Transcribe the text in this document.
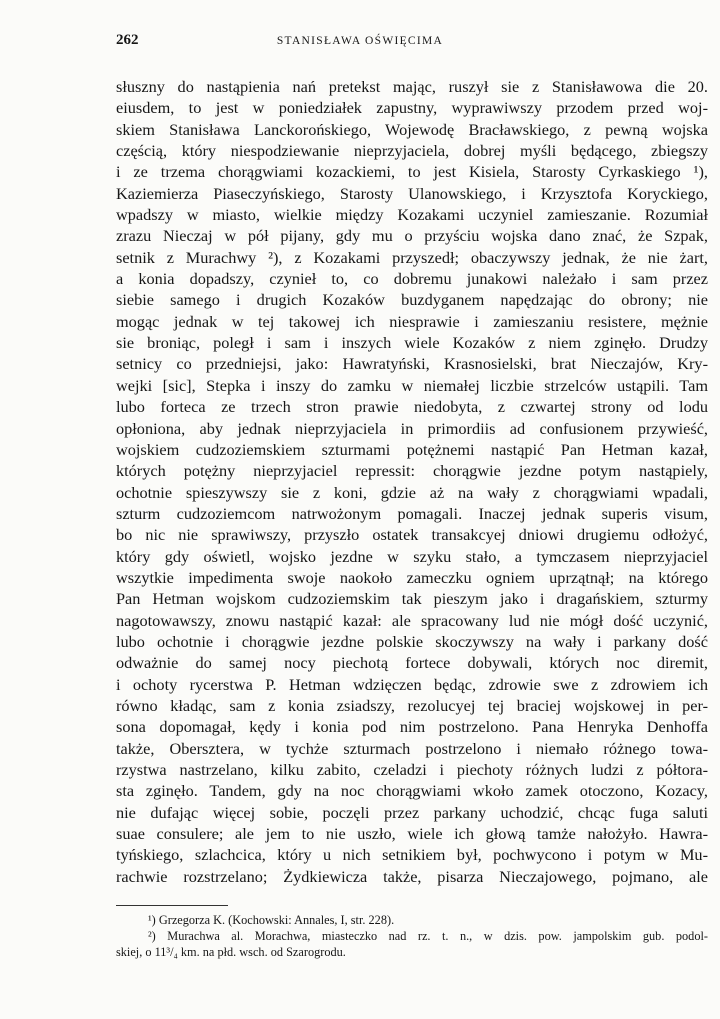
262	STANISŁAWA OŚWIĘCIMA
słuszny do nastąpienia nań pretekst mając, ruszył sie z Stanisławowa die 20.
eiusdem, to jest w poniedziałek zapustny, wyprawiwszy przodem przed woj-
skiem Stanisława Lanckorońskiego, Wojewodę Bracławskiego, z pewną wojska
częścią, który niespodziewanie nieprzyjaciela, dobrej myśli będącego, zbiegszy
i ze trzema chorągwiami kozackiemi, to jest Kisiela, Starosty Cyrkaskiego ¹),
Kaziemierza Piaseczyńskiego, Starosty Ulanowskiego, i Krzysztofa Koryckiego,
wpadszy w miasto, wielkie między Kozakami uczyniel zamieszanie. Rozumiał
zrazu Nieczaj w pół pijany, gdy mu o przyściu wojska dano znać, że Szpak,
setnik z Murachwy ²), z Kozakami przyszedł; obaczywszy jednak, że nie żart,
a konia dopadszy, czynieł to, co dobremu junakowi należało i sam przez
siebie samego i drugich Kozaków buzdyganem napędzając do obrony; nie
mogąc jednak w tej takowej ich niesprawie i zamieszaniu resistere, mężnie
sie broniąc, poległ i sam i inszych wiele Kozaków z niem zginęło. Drudzy
setnicy co przedniejsi, jako: Hawratyński, Krasnosielski, brat Nieczajów, Kry-
wejki [sic], Stepka i inszy do zamku w niemałej liczbie strzelców ustąpili. Tam
lubo forteca ze trzech stron prawie niedobyta, z czwartej strony od lodu
opłoniona, aby jednak nieprzyjaciela in primordiis ad confusionem przywieść,
wojskiem cudzoziemskiem szturmami potężnemi nastąpić Pan Hetman kazał,
których potężny nieprzyjaciel repressit: chorągwie jezdne potym nastąpiely,
ochotnie spieszywszy sie z koni, gdzie aż na wały z chorągwiami wpadali,
szturm cudzoziemcom natrwożonym pomagali. Inaczej jednak superis visum,
bo nic nie sprawiwszy, przyszło ostatek transakcyej dniowi drugiemu odłożyć,
który gdy oświetl, wojsko jezdne w szyku stało, a tymczasem nieprzyjaciel
wszytkie impedimenta swoje naokoło zameczku ogniem uprzątnął; na którego
Pan Hetman wojskom cudzoziemskim tak pieszym jako i dragańskiem, szturmy
nagotowawszy, znowu nastąpić kazał: ale spracowany lud nie mógł dość uczynić,
lubo ochotnie i chorągwie jezdne polskie skoczywszy na wały i parkany dość
odważnie do samej nocy piechotą fortece dobywali, których noc diremit,
i ochoty rycerstwa P. Hetman wdzięczen będąc, zdrowie swe z zdrowiem ich
równo kładąc, sam z konia zsiadszy, rezolucyej tej braciej wojskowej in per-
sona dopomagał, kędy i konia pod nim postrzelono. Pana Henryka Denhoffa
także, Obersztera, w tychże szturmach postrzelono i niemało różnego towa-
rzystwa nastrzelano, kilku zabito, czeladzi i piechoty różnych ludzi z półtora-
sta zginęło. Tandem, gdy na noc chorągwiami wkoło zamek otoczono, Kozacy,
nie dufając więcej sobie, poczęli przez parkany uchodzić, chcąc fuga saluti
suae consulere; ale jem to nie uszło, wiele ich głową tamże nałożyło. Hawra-
tyńskiego, szlachcica, który u nich setnikiem był, pochwycono i potym w Mu-
rachwie rozstrzelano; Żydkiewicza także, pisarza Nieczajowego, pojmano, ale
¹) Grzegorza K. (Kochowski: Annales, I, str. 228).
²) Murachwa al. Morachwa, miasteczko nad rz. t. n., w dzis. pow. jampolskim gub. podol-
skiej, o 11³/₄ km. na płd. wsch. od Szarogrodu.
